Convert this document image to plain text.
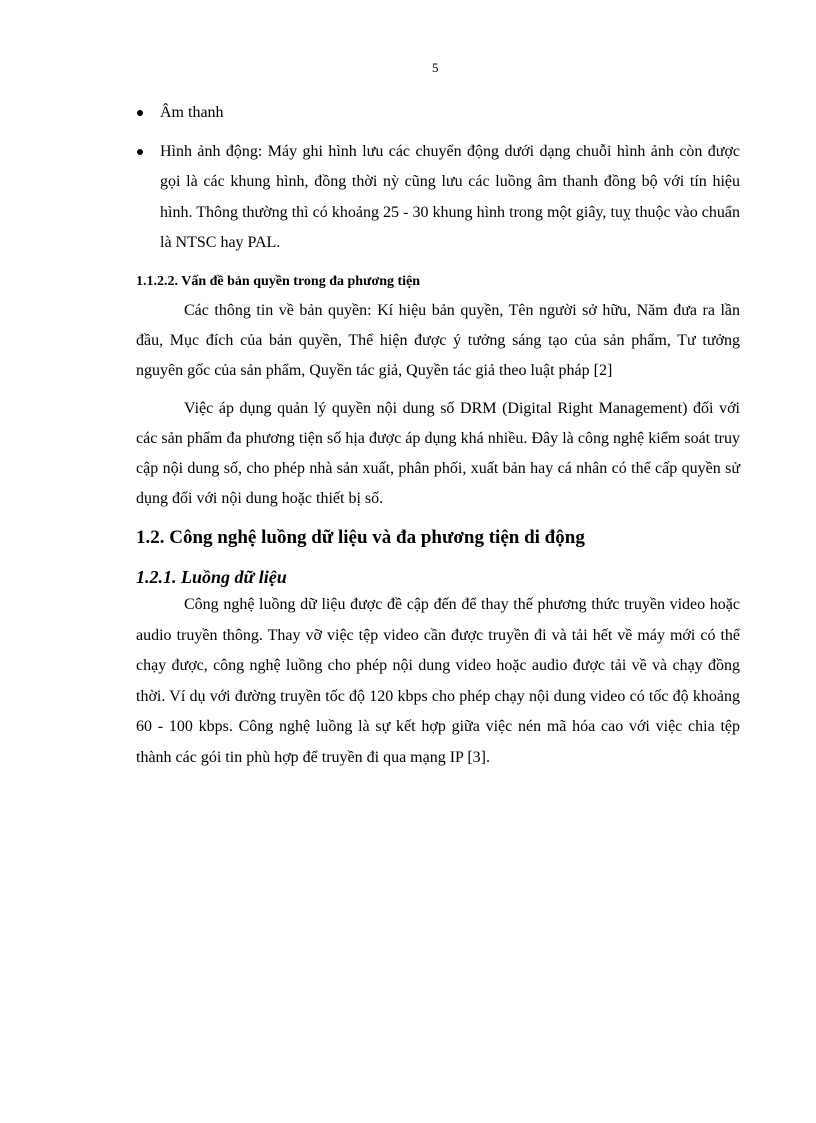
5
Âm thanh
Hình ảnh động: Máy ghi hình lưu các chuyển động dưới dạng chuỗi hình ảnh còn được gọi là các khung hình, đồng thời nỳ cũng lưu các luồng âm thanh đồng bộ với tín hiệu hình. Thông thường thì có khoảng 25 - 30 khung hình trong một giây, tuỵ thuộc vào chuẩn là NTSC hay PAL.
1.1.2.2. Vấn đề bản quyền trong đa phương tiện

Các thông tin về bản quyền: Kí hiệu bản quyền, Tên người sở hữu, Năm đưa ra lần đầu, Mục đích của bản quyền, Thể hiện được ý tưởng sáng tạo của sản phẩm, Tư tưởng nguyên gốc của sản phẩm, Quyền tác giả, Quyền tác giả theo luật pháp [2]

Việc áp dụng quản lý quyền nội dung số DRM (Digital Right Management) đối với các sản phẩm đa phương tiện số hịa được áp dụng khá nhiều. Đây là công nghệ kiểm soát truy cập nội dung số, cho phép nhà sản xuất, phân phối, xuất bản hay cá nhân có thể cấp quyền sử dụng đối với nội dung hoặc thiết bị số.

1.2. Công nghệ luồng dữ liệu và đa phương tiện di động
1.2.1. Luồng dữ liệu

Công nghệ luồng dữ liệu được đề cập đến để thay thế phương thức truyền video hoặc audio truyền thông. Thay vỡ việc tệp video cần được truyền đi và tải hết về máy mới có thể chạy được, công nghệ luồng cho phép nội dung video hoặc audio được tải về và chạy đồng thời. Ví dụ với đường truyền tốc độ 120 kbps cho phép chạy nội dung video có tốc độ khoảng 60 - 100 kbps. Công nghệ luồng là sự kết hợp giữa việc nén mã hóa cao với việc chia tệp thành các gói tin phù hợp để truyền đi qua mạng IP [3].
